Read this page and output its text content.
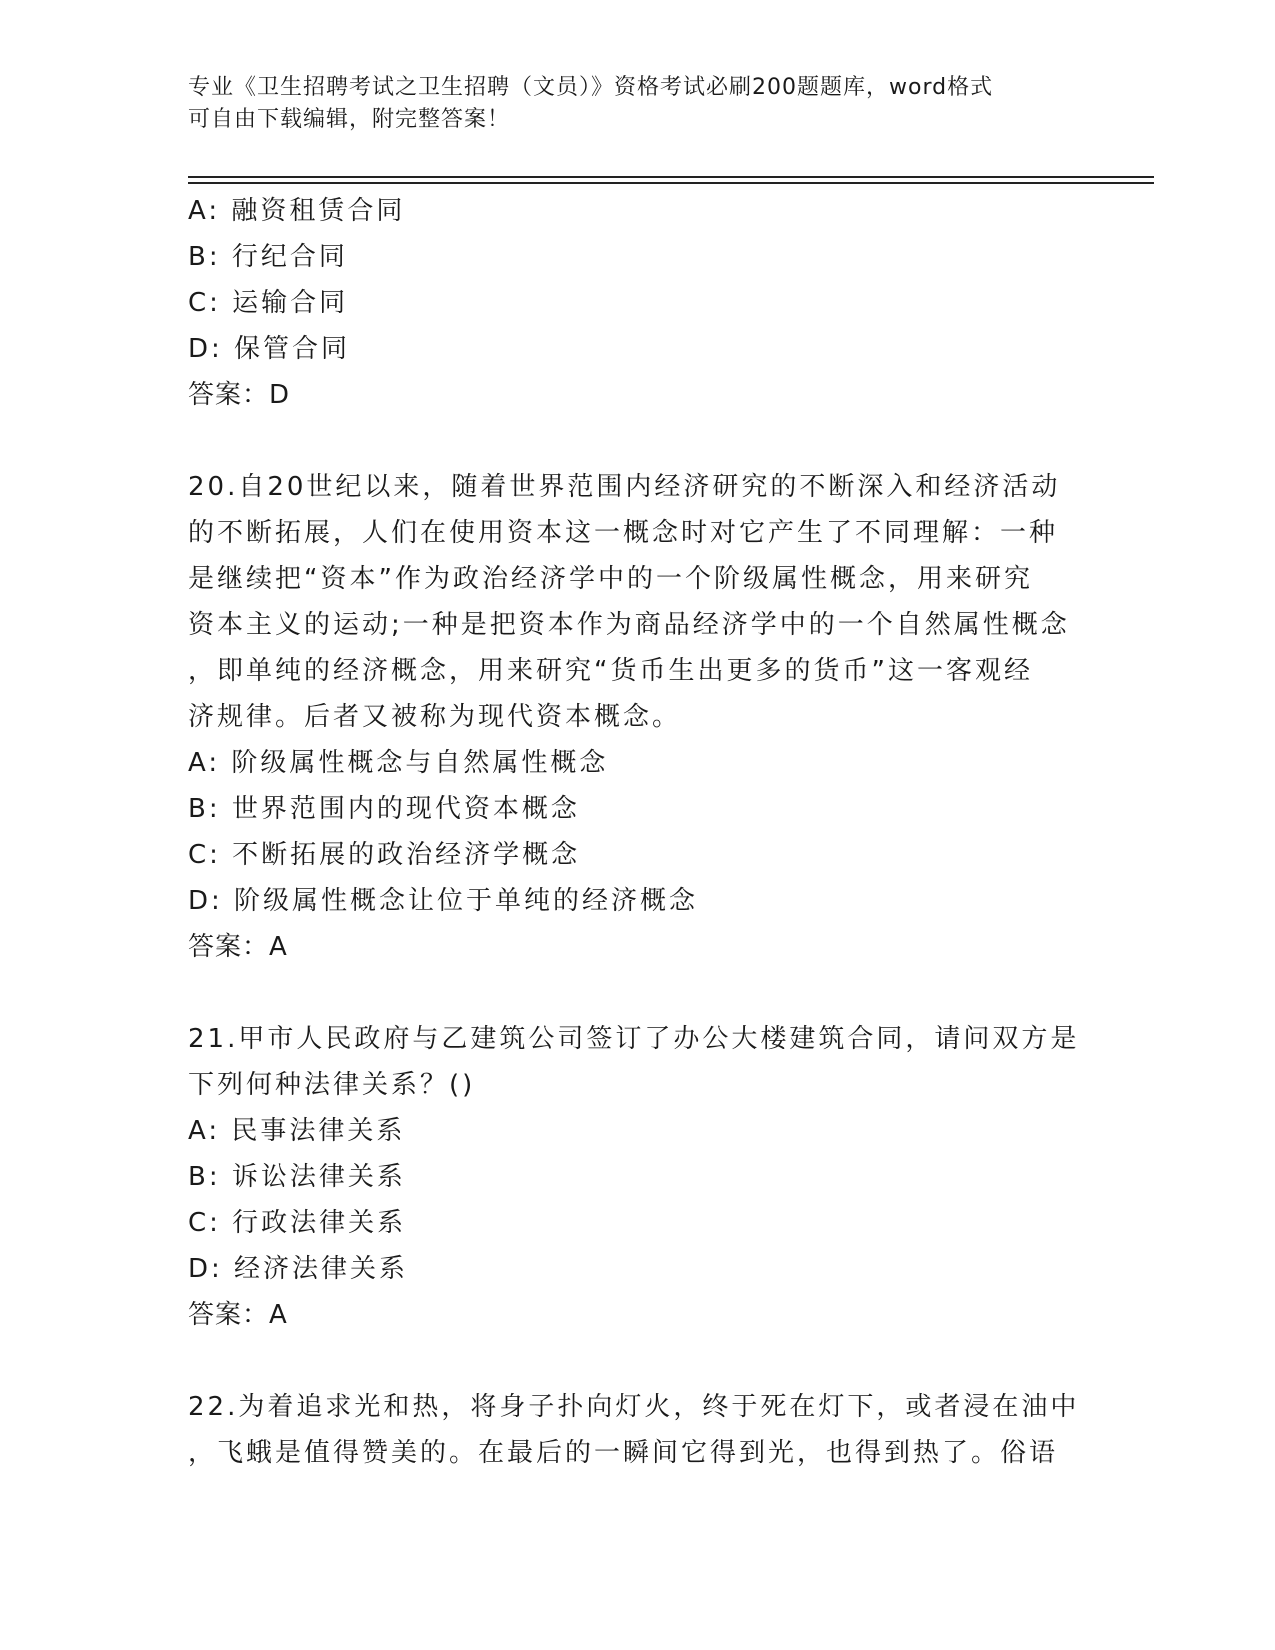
专业《卫生招聘考试之卫生招聘（文员）》资格考试必刷200题题库，word格式
可自由下载编辑，附完整答案！
A: 融资租赁合同
B: 行纪合同
C: 运输合同
D: 保管合同
答案：D
20.自20世纪以来，随着世界范围内经济研究的不断深入和经济活动
的不断拓展，人们在使用资本这一概念时对它产生了不同理解：一种
是继续把“资本”作为政治经济学中的一个阶级属性概念，用来研究
资本主义的运动;一种是把资本作为商品经济学中的一个自然属性概念
，即单纯的经济概念，用来研究“货币生出更多的货币”这一客观经
济规律。后者又被称为现代资本概念。
A: 阶级属性概念与自然属性概念
B: 世界范围内的现代资本概念
C: 不断拓展的政治经济学概念
D: 阶级属性概念让位于单纯的经济概念
答案：A
21.甲市人民政府与乙建筑公司签订了办公大楼建筑合同，请问双方是
下列何种法律关系？()
A: 民事法律关系
B: 诉讼法律关系
C: 行政法律关系
D: 经济法律关系
答案：A
22.为着追求光和热，将身子扑向灯火，终于死在灯下，或者浸在油中
，飞蛾是值得赞美的。在最后的一瞬间它得到光，也得到热了。俗语
